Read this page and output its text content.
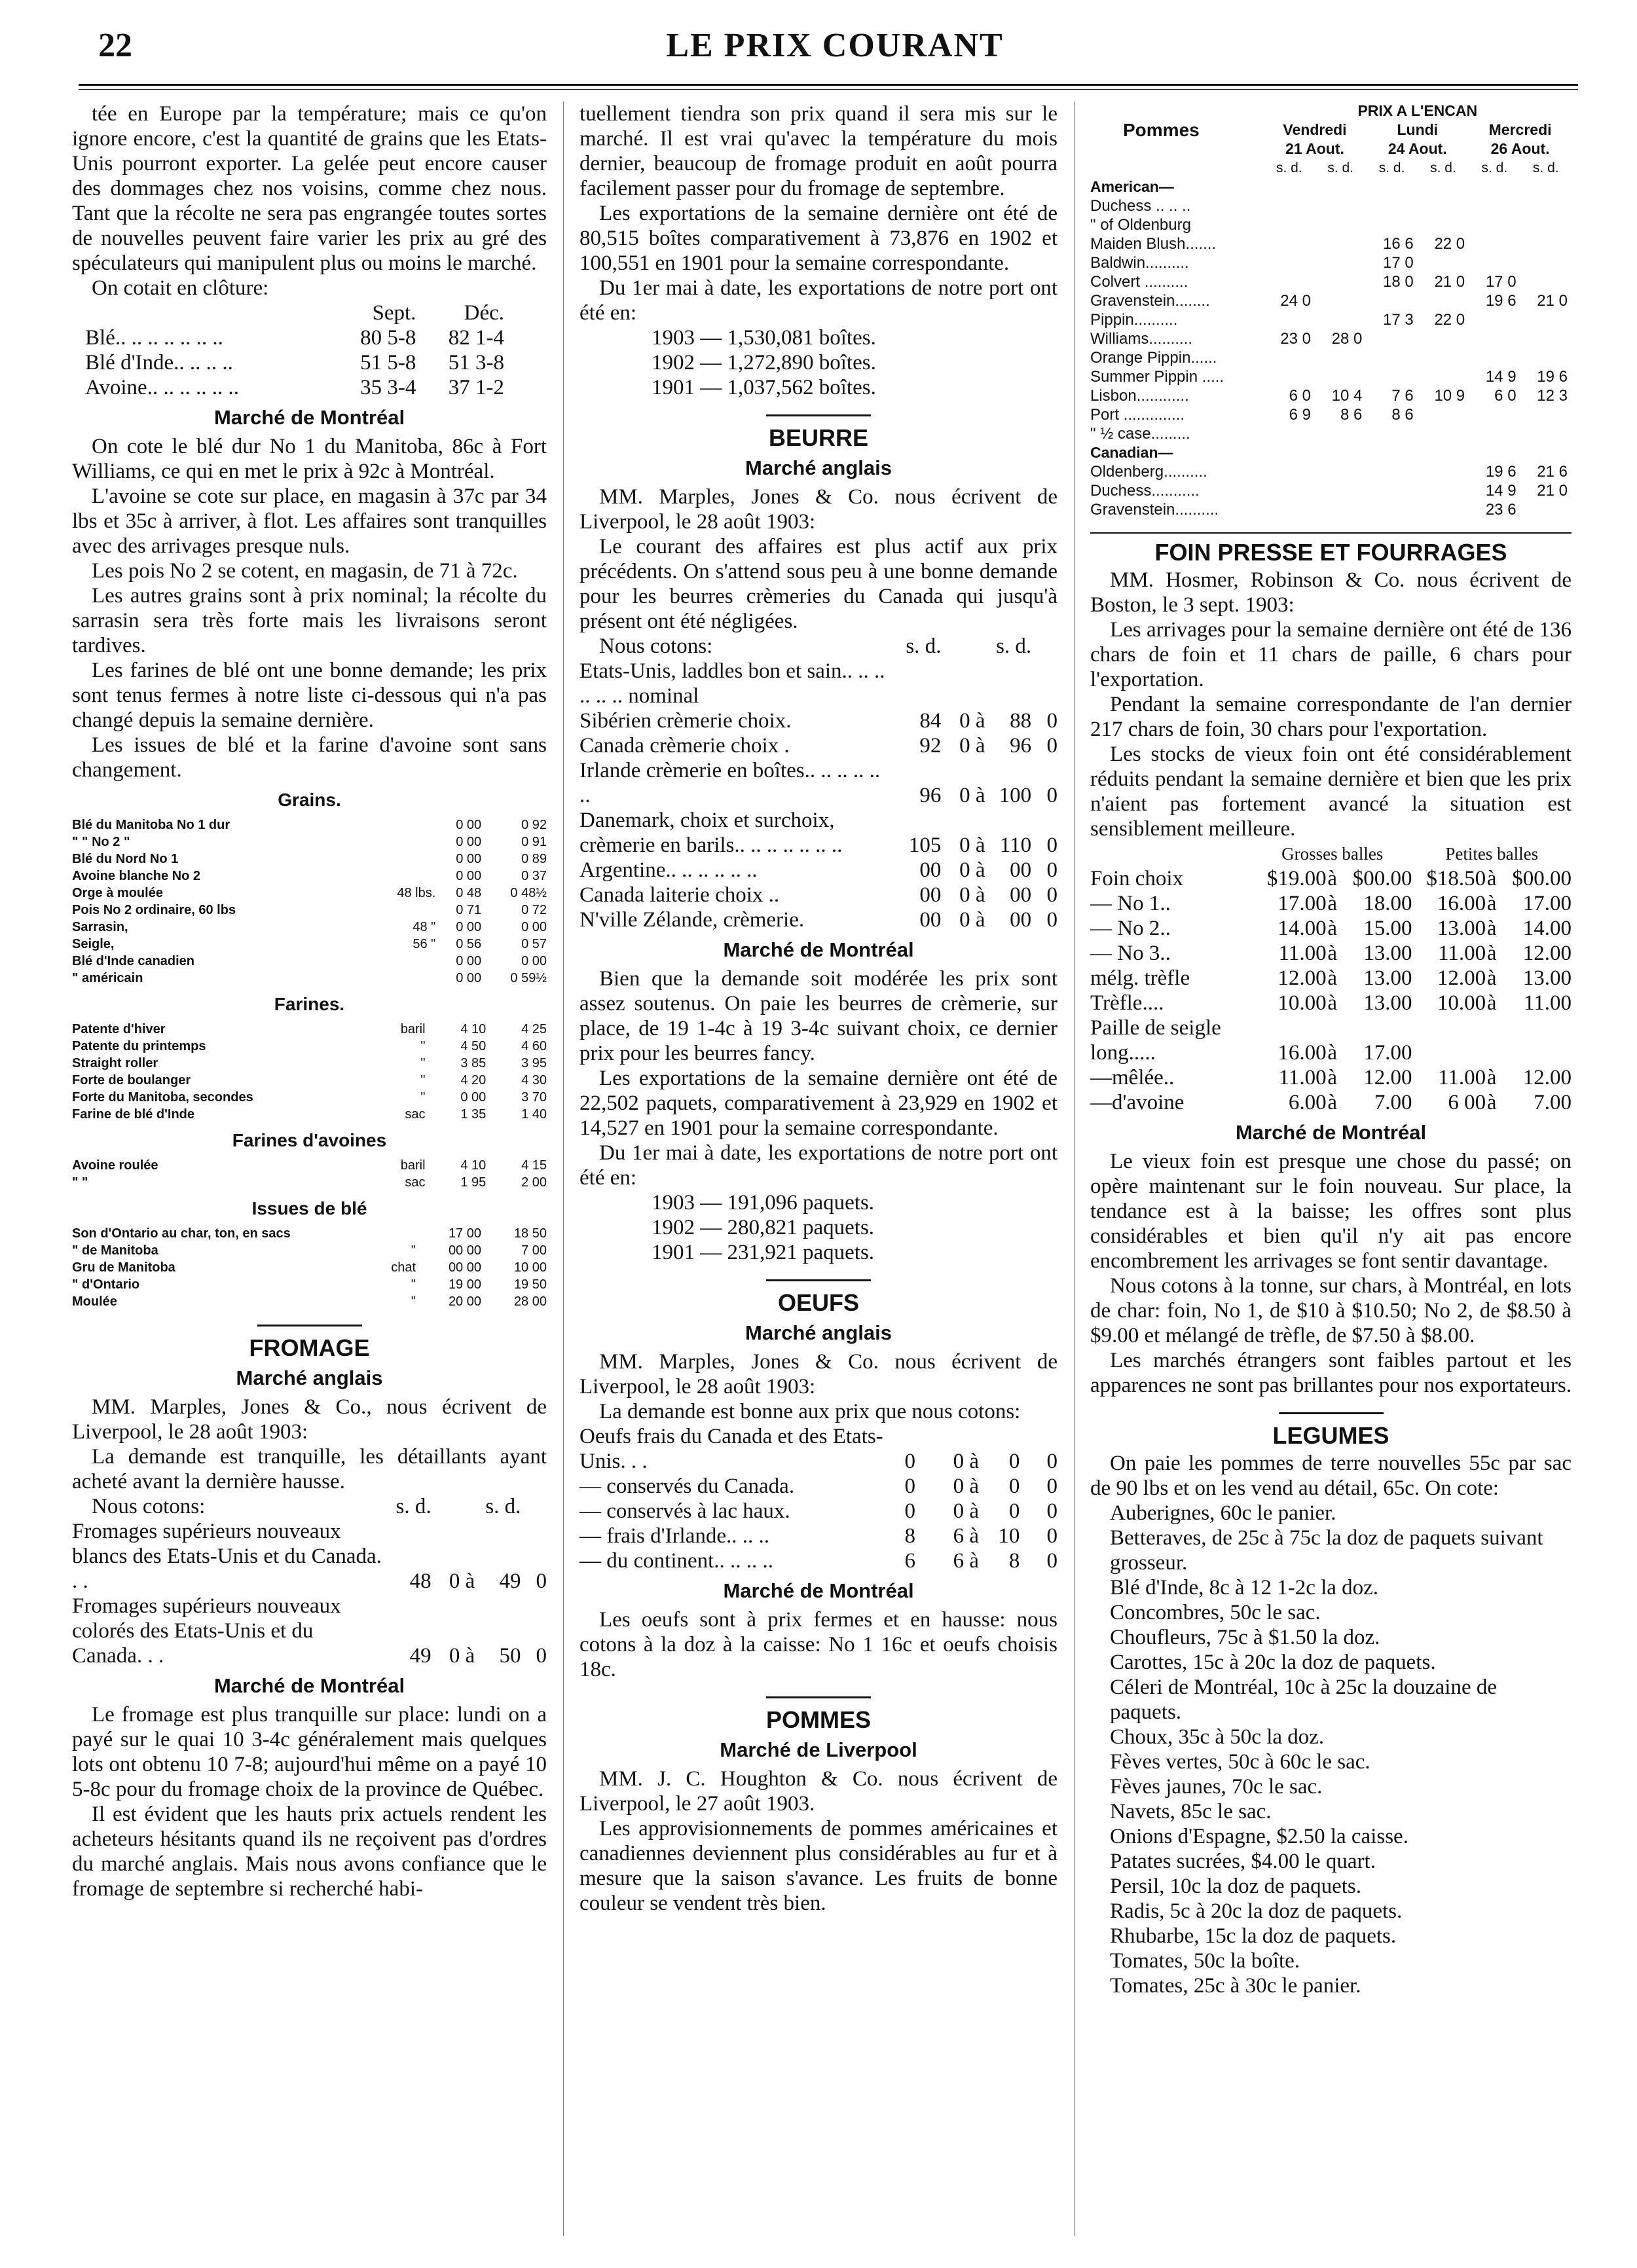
LE PRIX COURANT
22

tée en Europe par la température; mais ce qu'on ignore encore, c'est la quantité de grains que les Etats-Unis pourront exporter. La gelée peut encore causer des dommages chez nos voisins, comme chez nous. Tant que la récolte ne sera pas engrangée toutes sortes de nouvelles peuvent faire varier les prix au gré des spéculateurs qui manipulent plus ou moins le marché.

On cotait en clôture:

	Sept.	Déc.
Blé.. .. .. .. .. .. ..	80 5-8	82 1-4
Blé d'Inde.. .. .. ..	51 5-8	51 3-8
Avoine.. .. .. .. .. ..	35 3-4	37 1-2
Marché de Montréal

On cote le blé dur No 1 du Manitoba, 86c à Fort Williams, ce qui en met le prix à 92c à Montréal.

L'avoine se cote sur place, en magasin à 37c par 34 lbs et 35c à arriver, à flot. Les affaires sont tranquilles avec des arrivages presque nuls.

Les pois No 2 se cotent, en magasin, de 71 à 72c.

Les autres grains sont à prix nominal; la récolte du sarrasin sera très forte mais les livraisons seront tardives.

Les farines de blé ont une bonne demande; les prix sont tenus fermes à notre liste ci-dessous qui n'a pas changé depuis la semaine dernière.

Les issues de blé et la farine d'avoine sont sans changement.

Grains.
Blé du Manitoba No 1 dur		0 00	0 92
" " No 2 "		0 00	0 91
Blé du Nord No 1		0 00	0 89
Avoine blanche No 2		0 00	0 37
Orge à moulée	48 lbs.	0 48	0 48½
Pois No 2 ordinaire, 60 lbs		0 71	0 72
Sarrasin,	48 "	0 00	0 00
Seigle,	56 "	0 56	0 57
Blé d'Inde canadien		0 00	0 00
" américain		0 00	0 59½
Farines.
Patente d'hiver	baril	4 10	4 25
Patente du printemps	"	4 50	4 60
Straight roller	"	3 85	3 95
Forte de boulanger	"	4 20	4 30
Forte du Manitoba, secondes	"	0 00	3 70
Farine de blé d'Inde	sac	1 35	1 40
Farines d'avoines
Avoine roulée	baril	4 10	4 15
" "	sac	1 95	2 00
Issues de blé
Son d'Ontario au char, ton, en sacs		17 00	18 50
" de Manitoba	"	00 00	7 00
Gru de Manitoba	chat	00 00	10 00
" d'Ontario	"	19 00	19 50
Moulée	"	20 00	28 00
FROMAGE
Marché anglais

MM. Marples, Jones & Co., nous écrivent de Liverpool, le 28 août 1903:

La demande est tranquille, les détaillants ayant acheté avant la dernière hausse.

Nous cotons:	s. d.		s. d.	
Fromages supérieurs nouveaux blancs des Etats-Unis et du Canada. . .	48	0 à	49	0
Fromages supérieurs nouveaux colorés des Etats-Unis et du Canada. . .	49	0 à	50	0
Marché de Montréal

Le fromage est plus tranquille sur place: lundi on a payé sur le quai 10 3-4c généralement mais quelques lots ont obtenu 10 7-8; aujourd'hui même on a payé 10 5-8c pour du fromage choix de la province de Québec.

Il est évident que les hauts prix actuels rendent les acheteurs hésitants quand ils ne reçoivent pas d'ordres du marché anglais. Mais nous avons confiance que le fromage de septembre si recherché habi-

tuellement tiendra son prix quand il sera mis sur le marché. Il est vrai qu'avec la température du mois dernier, beaucoup de fromage produit en août pourra facilement passer pour du fromage de septembre.

Les exportations de la semaine dernière ont été de 80,515 boîtes comparativement à 73,876 en 1902 et 100,551 en 1901 pour la semaine correspondante.

Du 1er mai à date, les exportations de notre port ont été en:

1903 — 1,530,081 boîtes.
1902 — 1,272,890 boîtes.
1901 — 1,037,562 boîtes.
BEURRE
Marché anglais

MM. Marples, Jones & Co. nous écrivent de Liverpool, le 28 août 1903:

Le courant des affaires est plus actif aux prix précédents. On s'attend sous peu à une bonne demande pour les beurres crèmeries du Canada qui jusqu'à présent ont été négligées.

Nous cotons:	s. d.		s. d.	
Etats-Unis, laddles bon et sain.. .. .. .. .. .. nominal				
Sibérien crèmerie choix.	84	0 à	88	0
Canada crèmerie choix .	92	0 à	96	0
Irlande crèmerie en boîtes.. .. .. .. .. ..	96	0 à	100	0
Danemark, choix et surchoix, crèmerie en barils.. .. .. .. .. .. ..	105	0 à	110	0
Argentine.. .. .. .. .. ..	00	0 à	00	0
Canada laiterie choix ..	00	0 à	00	0
N'ville Zélande, crèmerie.	00	0 à	00	0
Marché de Montréal

Bien que la demande soit modérée les prix sont assez soutenus. On paie les beurres de crèmerie, sur place, de 19 1-4c à 19 3-4c suivant choix, ce dernier prix pour les beurres fancy.

Les exportations de la semaine dernière ont été de 22,502 paquets, comparativement à 23,929 en 1902 et 14,527 en 1901 pour la semaine correspondante.

Du 1er mai à date, les exportations de notre port ont été en:

1903 — 191,096 paquets.
1902 — 280,821 paquets.
1901 — 231,921 paquets.
OEUFS
Marché anglais

MM. Marples, Jones & Co. nous écrivent de Liverpool, le 28 août 1903:

La demande est bonne aux prix que nous cotons:

Oeufs frais du Canada et des Etats-Unis. . .	0	0 à	0	0
— conservés du Canada.	0	0 à	0	0
— conservés à lac haux.	0	0 à	0	0
— frais d'Irlande.. .. ..	8	6 à	10	0
— du continent.. .. .. ..	6	6 à	8	0
Marché de Montréal

Les oeufs sont à prix fermes et en hausse: nous cotons à la doz à la caisse: No 1 16c et oeufs choisis 18c.

POMMES
Marché de Liverpool

MM. J. C. Houghton & Co. nous écrivent de Liverpool, le 27 août 1903.

Les approvisionnements de pommes américaines et canadiennes deviennent plus considérables au fur et à mesure que la saison s'avance. Les fruits de bonne couleur se vendent très bien.

	PRIX A L'ENCAN					
Pommes	Vendredi		Lundi		Mercredi	
	21 Aout.		24 Aout.		26 Aout.	
	s. d.	s. d.	s. d.	s. d.	s. d.	s. d.
American—						
Duchess .. .. ..						
" of Oldenburg						
Maiden Blush.......			16 6	22 0		
Baldwin..........			17 0			
Colvert ..........			18 0	21 0	17 0	
Gravenstein........	24 0				19 6	21 0
Pippin..........			17 3	22 0		
Williams..........	23 0	28 0				
Orange Pippin......						
Summer Pippin .....					14 9	19 6
Lisbon............	6 0	10 4	7 6	10 9	6 0	12 3
Port ..............	6 9	8 6	8 6			
" ½ case.........						
Canadian—						
Oldenberg..........					19 6	21 6
Duchess...........					14 9	21 0
Gravenstein..........					23 6	
FOIN PRESSE ET FOURRAGES

MM. Hosmer, Robinson & Co. nous écrivent de Boston, le 3 sept. 1903:

Les arrivages pour la semaine dernière ont été de 136 chars de foin et 11 chars de paille, 6 chars pour l'exportation.

Pendant la semaine correspondante de l'an dernier 217 chars de foin, 30 chars pour l'exportation.

Les stocks de vieux foin ont été considérablement réduits pendant la semaine dernière et bien que les prix n'aient pas fortement avancé la situation est sensiblement meilleure.

	Grosses balles			Petites balles		
Foin choix	$19.00	à	$00.00	$18.50	à	$00.00
— No 1..	17.00	à	18.00	16.00	à	17.00
— No 2..	14.00	à	15.00	13.00	à	14.00
— No 3..	11.00	à	13.00	11.00	à	12.00
mélg. trèfle	12.00	à	13.00	12.00	à	13.00
Trèfle....	10.00	à	13.00	10.00	à	11.00
Paille de seigle						
long.....	16.00	à	17.00			
—mêlée..	11.00	à	12.00	11.00	à	12.00
—d'avoine	6.00	à	7.00	6 00	à	7.00
Marché de Montréal

Le vieux foin est presque une chose du passé; on opère maintenant sur le foin nouveau. Sur place, la tendance est à la baisse; les offres sont plus considérables et bien qu'il n'y ait pas encore encombrement les arrivages se font sentir davantage.

Nous cotons à la tonne, sur chars, à Montréal, en lots de char: foin, No 1, de $10 à $10.50; No 2, de $8.50 à $9.00 et mélangé de trèfle, de $7.50 à $8.00.

Les marchés étrangers sont faibles partout et les apparences ne sont pas brillantes pour nos exportateurs.

LEGUMES

On paie les pommes de terre nouvelles 55c par sac de 90 lbs et on les vend au détail, 65c. On cote:

Auberignes, 60c le panier.
Betteraves, de 25c à 75c la doz de paquets suivant grosseur.
Blé d'Inde, 8c à 12 1-2c la doz.
Concombres, 50c le sac.
Choufleurs, 75c à $1.50 la doz.
Carottes, 15c à 20c la doz de paquets.
Céleri de Montréal, 10c à 25c la douzaine de paquets.
Choux, 35c à 50c la doz.
Fèves vertes, 50c à 60c le sac.
Fèves jaunes, 70c le sac.
Navets, 85c le sac.
Onions d'Espagne, $2.50 la caisse.
Patates sucrées, $4.00 le quart.
Persil, 10c la doz de paquets.
Radis, 5c à 20c la doz de paquets.
Rhubarbe, 15c la doz de paquets.
Tomates, 50c la boîte.
Tomates, 25c à 30c le panier.
